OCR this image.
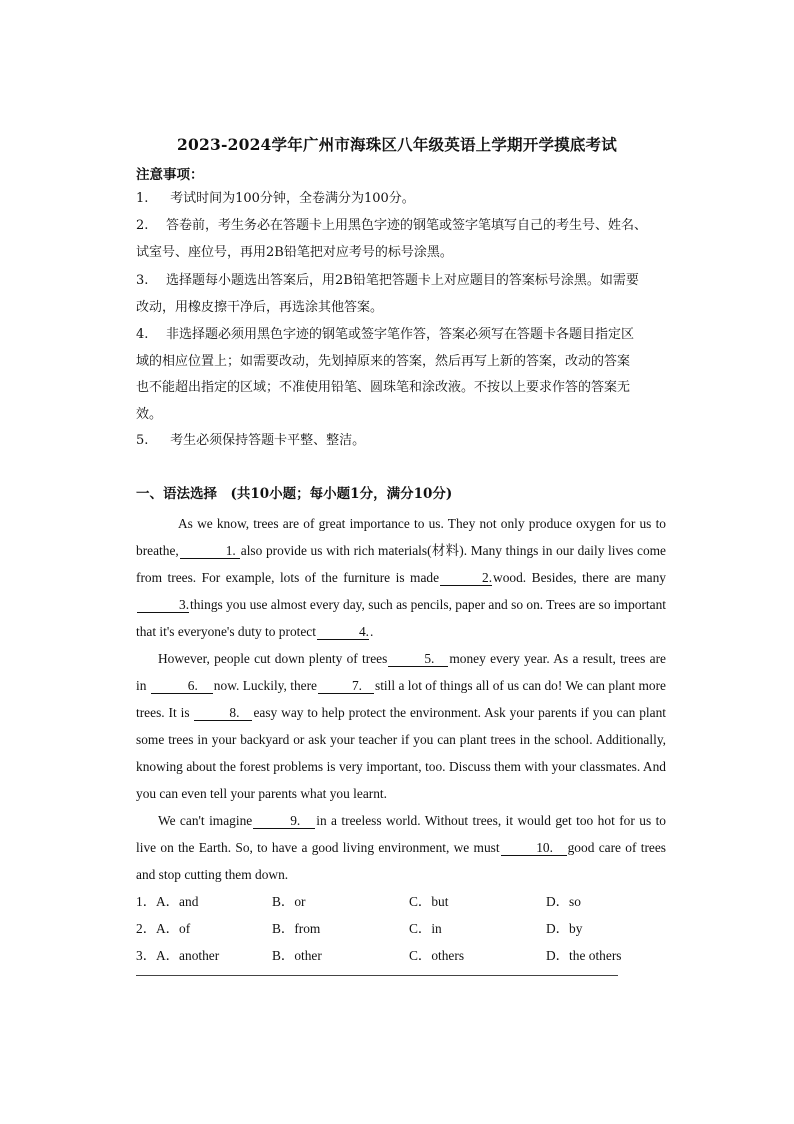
2023-2024学年广州市海珠区八年级英语上学期开学摸底考试
注意事项：
1. 考试时间为100分钟，全卷满分为100分。
2. 答卷前，考生务必在答题卡上用黑色字迹的钢笔或签字笔填写自己的考生号、姓名、
试室号、座位号，再用2B铅笔把对应考号的标号涂黑。
3. 选择题每小题选出答案后，用2B铅笔把答题卡上对应题目的答案标号涂黑。如需要
改动，用橡皮擦干净后，再选涂其他答案。
4. 非选择题必须用黑色字迹的钢笔或签字笔作答，答案必须写在答题卡各题目指定区
域的相应位置上；如需要改动，先划掉原来的答案，然后再写上新的答案，改动的答案
也不能超出指定的区域；不准使用铅笔、圆珠笔和涂改液。不按以上要求作答的答案无
效。
5. 考生必须保持答题卡平整、整洁。
一、语法选择　(共10小题；每小题1分，满分10分)

As we know, trees are of great importance to us. They not only produce oxygen for us to breathe,	1. also provide us with rich materials(材料). Many things in our daily lives come from trees. For example, lots of the furniture is made	2.wood. Besides, there are many3.things you use almost every day, such as pencils, paper and so on. Trees are so important that it's everyone's duty to protect	4..

However, people cut down plenty of trees	5. money every year. As a result, trees are in	6. now. Luckily, there	7. still a lot of things all of us can do! We can plant more trees. It is	8. easy way to help protect the environment. Ask your parents if you can plant some trees in your backyard or ask your teacher if you can plant trees in the school. Additionally, knowing about the forest problems is very important, too. Discuss them with your classmates. And you can even tell your parents what you learnt.

We can't imagine	9. in a treeless world. Without trees, it would get too hot for us to live on the Earth. So, to have a good living environment, we must	10. good care of trees and stop cutting them down.

1． A．and	B．or	C．but	D．so
2． A．of	B．from	C．in	D．by
3． A．another	B．other	C．others	D．the others
